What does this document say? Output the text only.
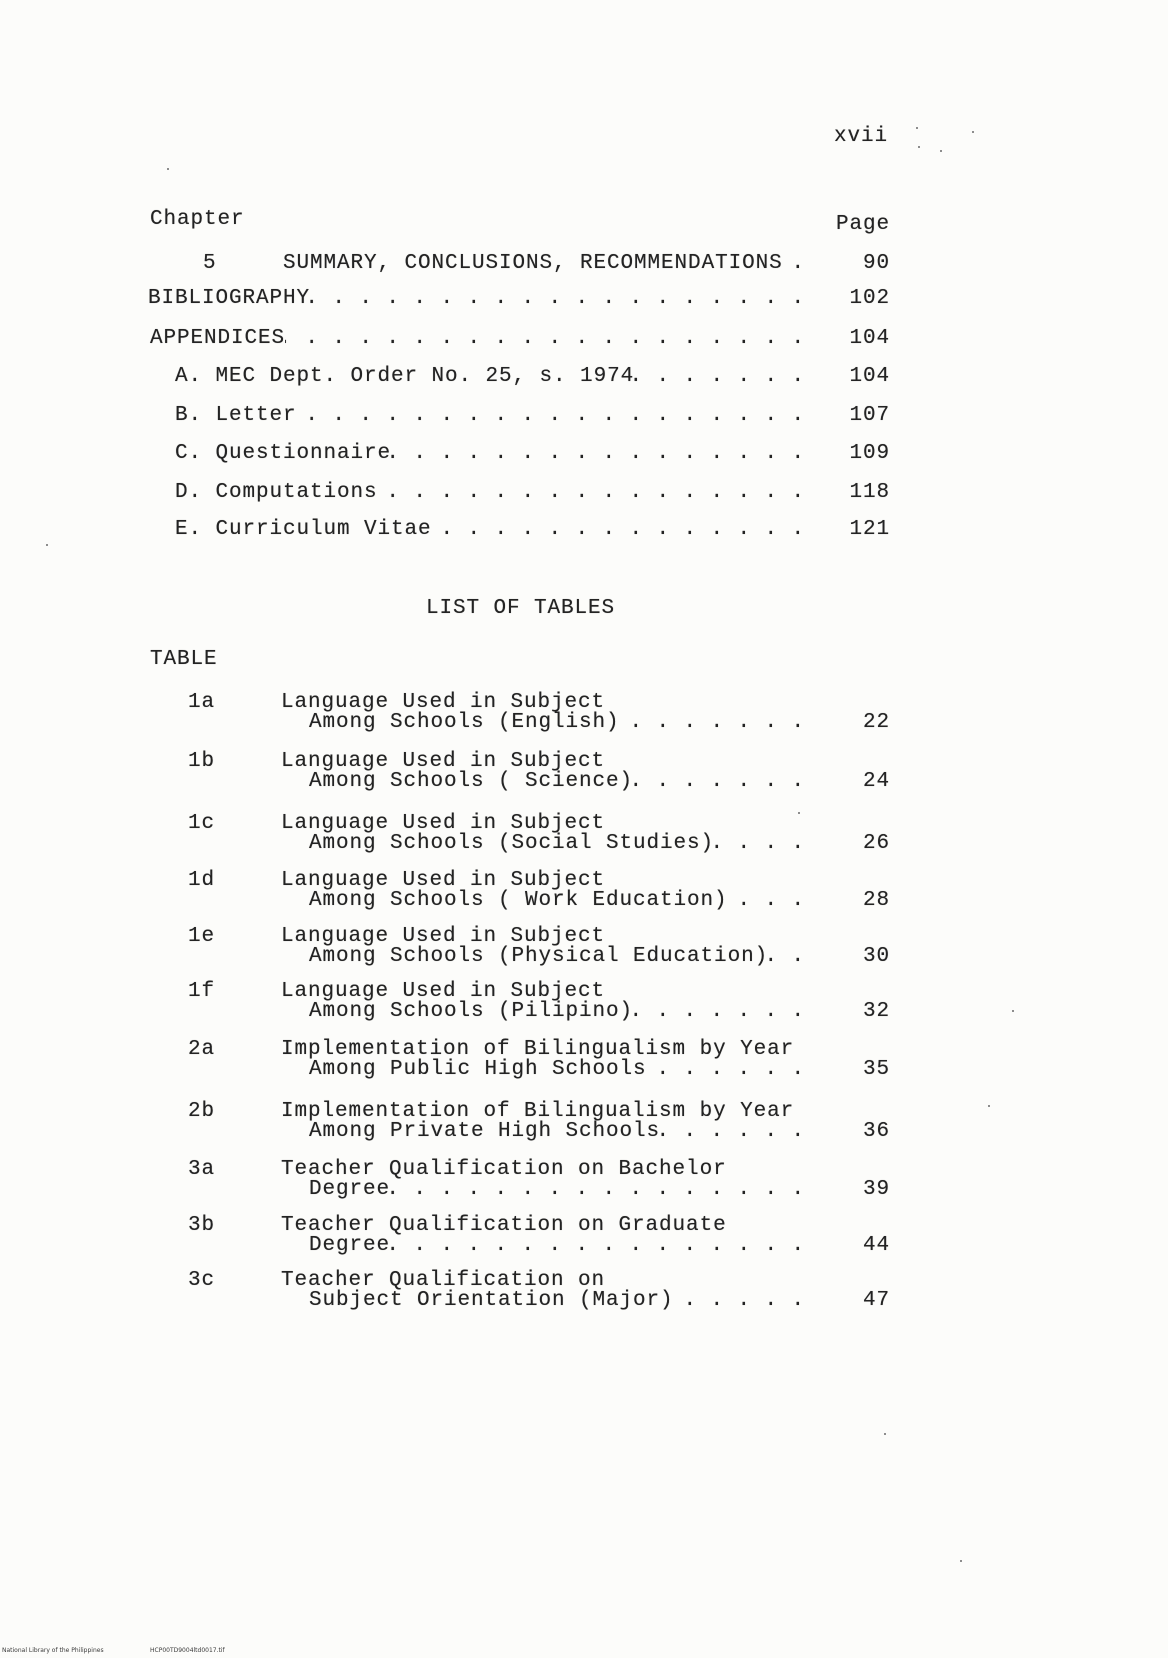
xvii
Chapter	Page
5	SUMMARY, CONCLUSIONS, RECOMMENDATIONS . . .	90
BIBLIOGRAPHY . . .	102
APPENDICES . . .	104
A. MEC Dept. Order No. 25, s. 1974 . . .	104
B. Letter . . .	107
C. Questionnaire . . .	109
D. Computations . . .	118
E. Curriculum Vitae . . .	121
LIST OF TABLES
TABLE
1a	Language Used in Subject
Among Schools (English) . . .	22
1b	Language Used in Subject
Among Schools ( Science) . . .	24
1c	Language Used in Subject
Among Schools (Social Studies) . . .	26
1d	Language Used in Subject
Among Schools ( Work Education) . . .	28
1e	Language Used in Subject
Among Schools (Physical Education) . . .	30
1f	Language Used in Subject
Among Schools (Pilipino) . . .	32
2a	Implementation of Bilingualism by Year
Among Public High Schools . . .	35
2b	Implementation of Bilingualism by Year
Among Private High Schools . . .	36
3a	Teacher Qualification on Bachelor
Degree . . .	39
3b	Teacher Qualification on Graduate
Degree . . .	44
3c	Teacher Qualification on
Subject Orientation (Major) . . .	47
National Library of the Philippines	HCP00TD9004ltd0017.tif
